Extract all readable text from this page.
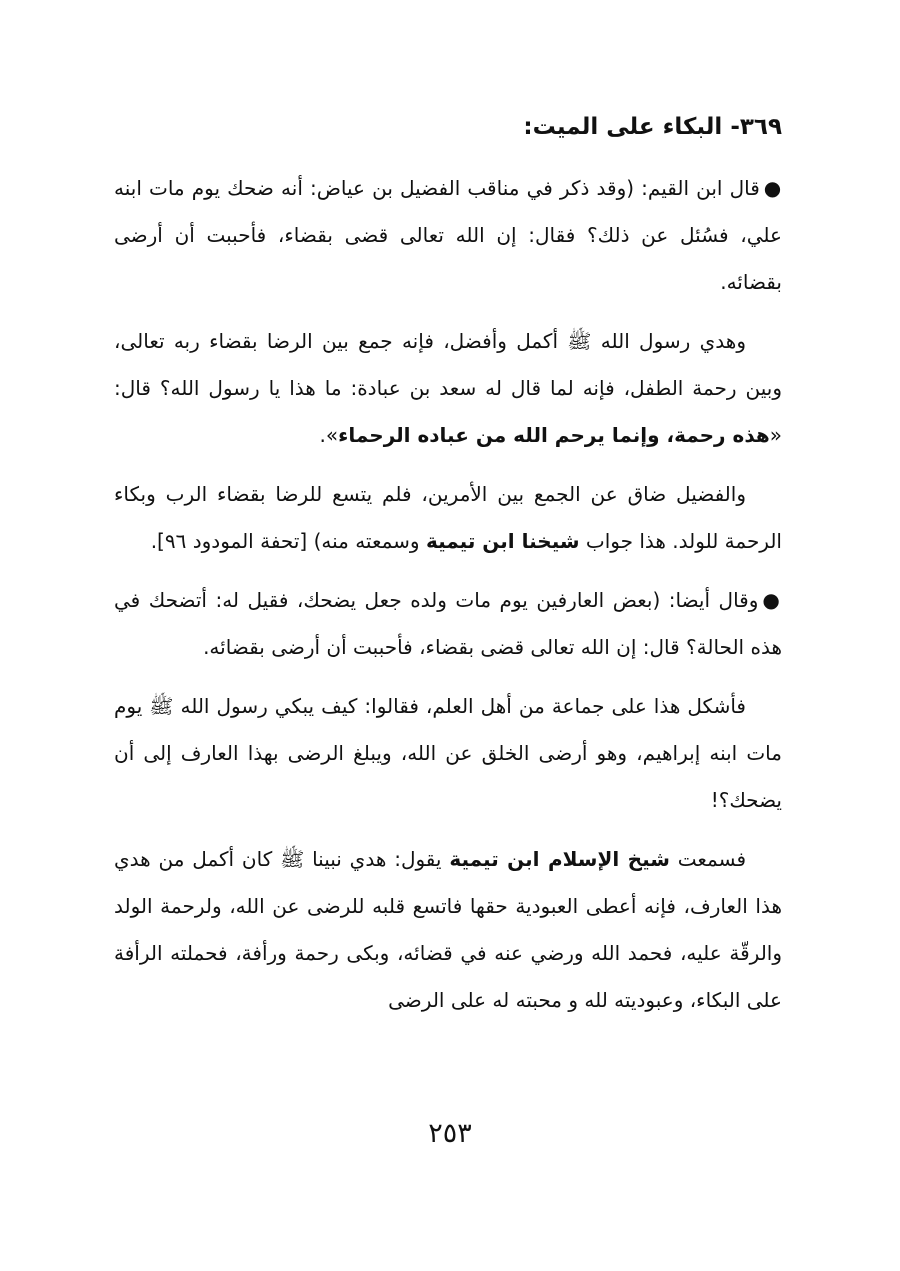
٣٦٩- البكاء على الميت:

●قال ابن القيم: (وقد ذكر في مناقب الفضيل بن عياض: أنه ضحك يوم مات ابنه علي، فسُئل عن ذلك؟ فقال: إن الله تعالى قضى بقضاء، فأحببت أن أرضى بقضائه.

وهدي رسول الله ﷺ أكمل وأفضل، فإنه جمع بين الرضا بقضاء ربه تعالى، وبين رحمة الطفل، فإنه لما قال له سعد بن عبادة: ما هذا يا رسول الله؟ قال: «هذه رحمة، وإنما يرحم الله من عباده الرحماء».

والفضيل ضاق عن الجمع بين الأمرين، فلم يتسع للرضا بقضاء الرب وبكاء الرحمة للولد. هذا جواب شيخنا ابن تيمية وسمعته منه) [تحفة المودود ٩٦].

●وقال أيضا: (بعض العارفين يوم مات ولده جعل يضحك، فقيل له: أتضحك في هذه الحالة؟ قال: إن الله تعالى قضى بقضاء، فأحببت أن أرضى بقضائه.

فأشكل هذا على جماعة من أهل العلم، فقالوا: كيف يبكي رسول الله ﷺ يوم مات ابنه إبراهيم، وهو أرضى الخلق عن الله، ويبلغ الرضى بهذا العارف إلى أن يضحك؟!

فسمعت شيخ الإسلام ابن تيمية يقول: هدي نبينا ﷺ كان أكمل من هدي هذا العارف، فإنه أعطى العبودية حقها فاتسع قلبه للرضى عن الله، ولرحمة الولد والرقّة عليه، فحمد الله ورضي عنه في قضائه، وبكى رحمة ورأفة، فحملته الرأفة على البكاء، وعبوديته لله و محبته له على الرضى

٢٥٣
